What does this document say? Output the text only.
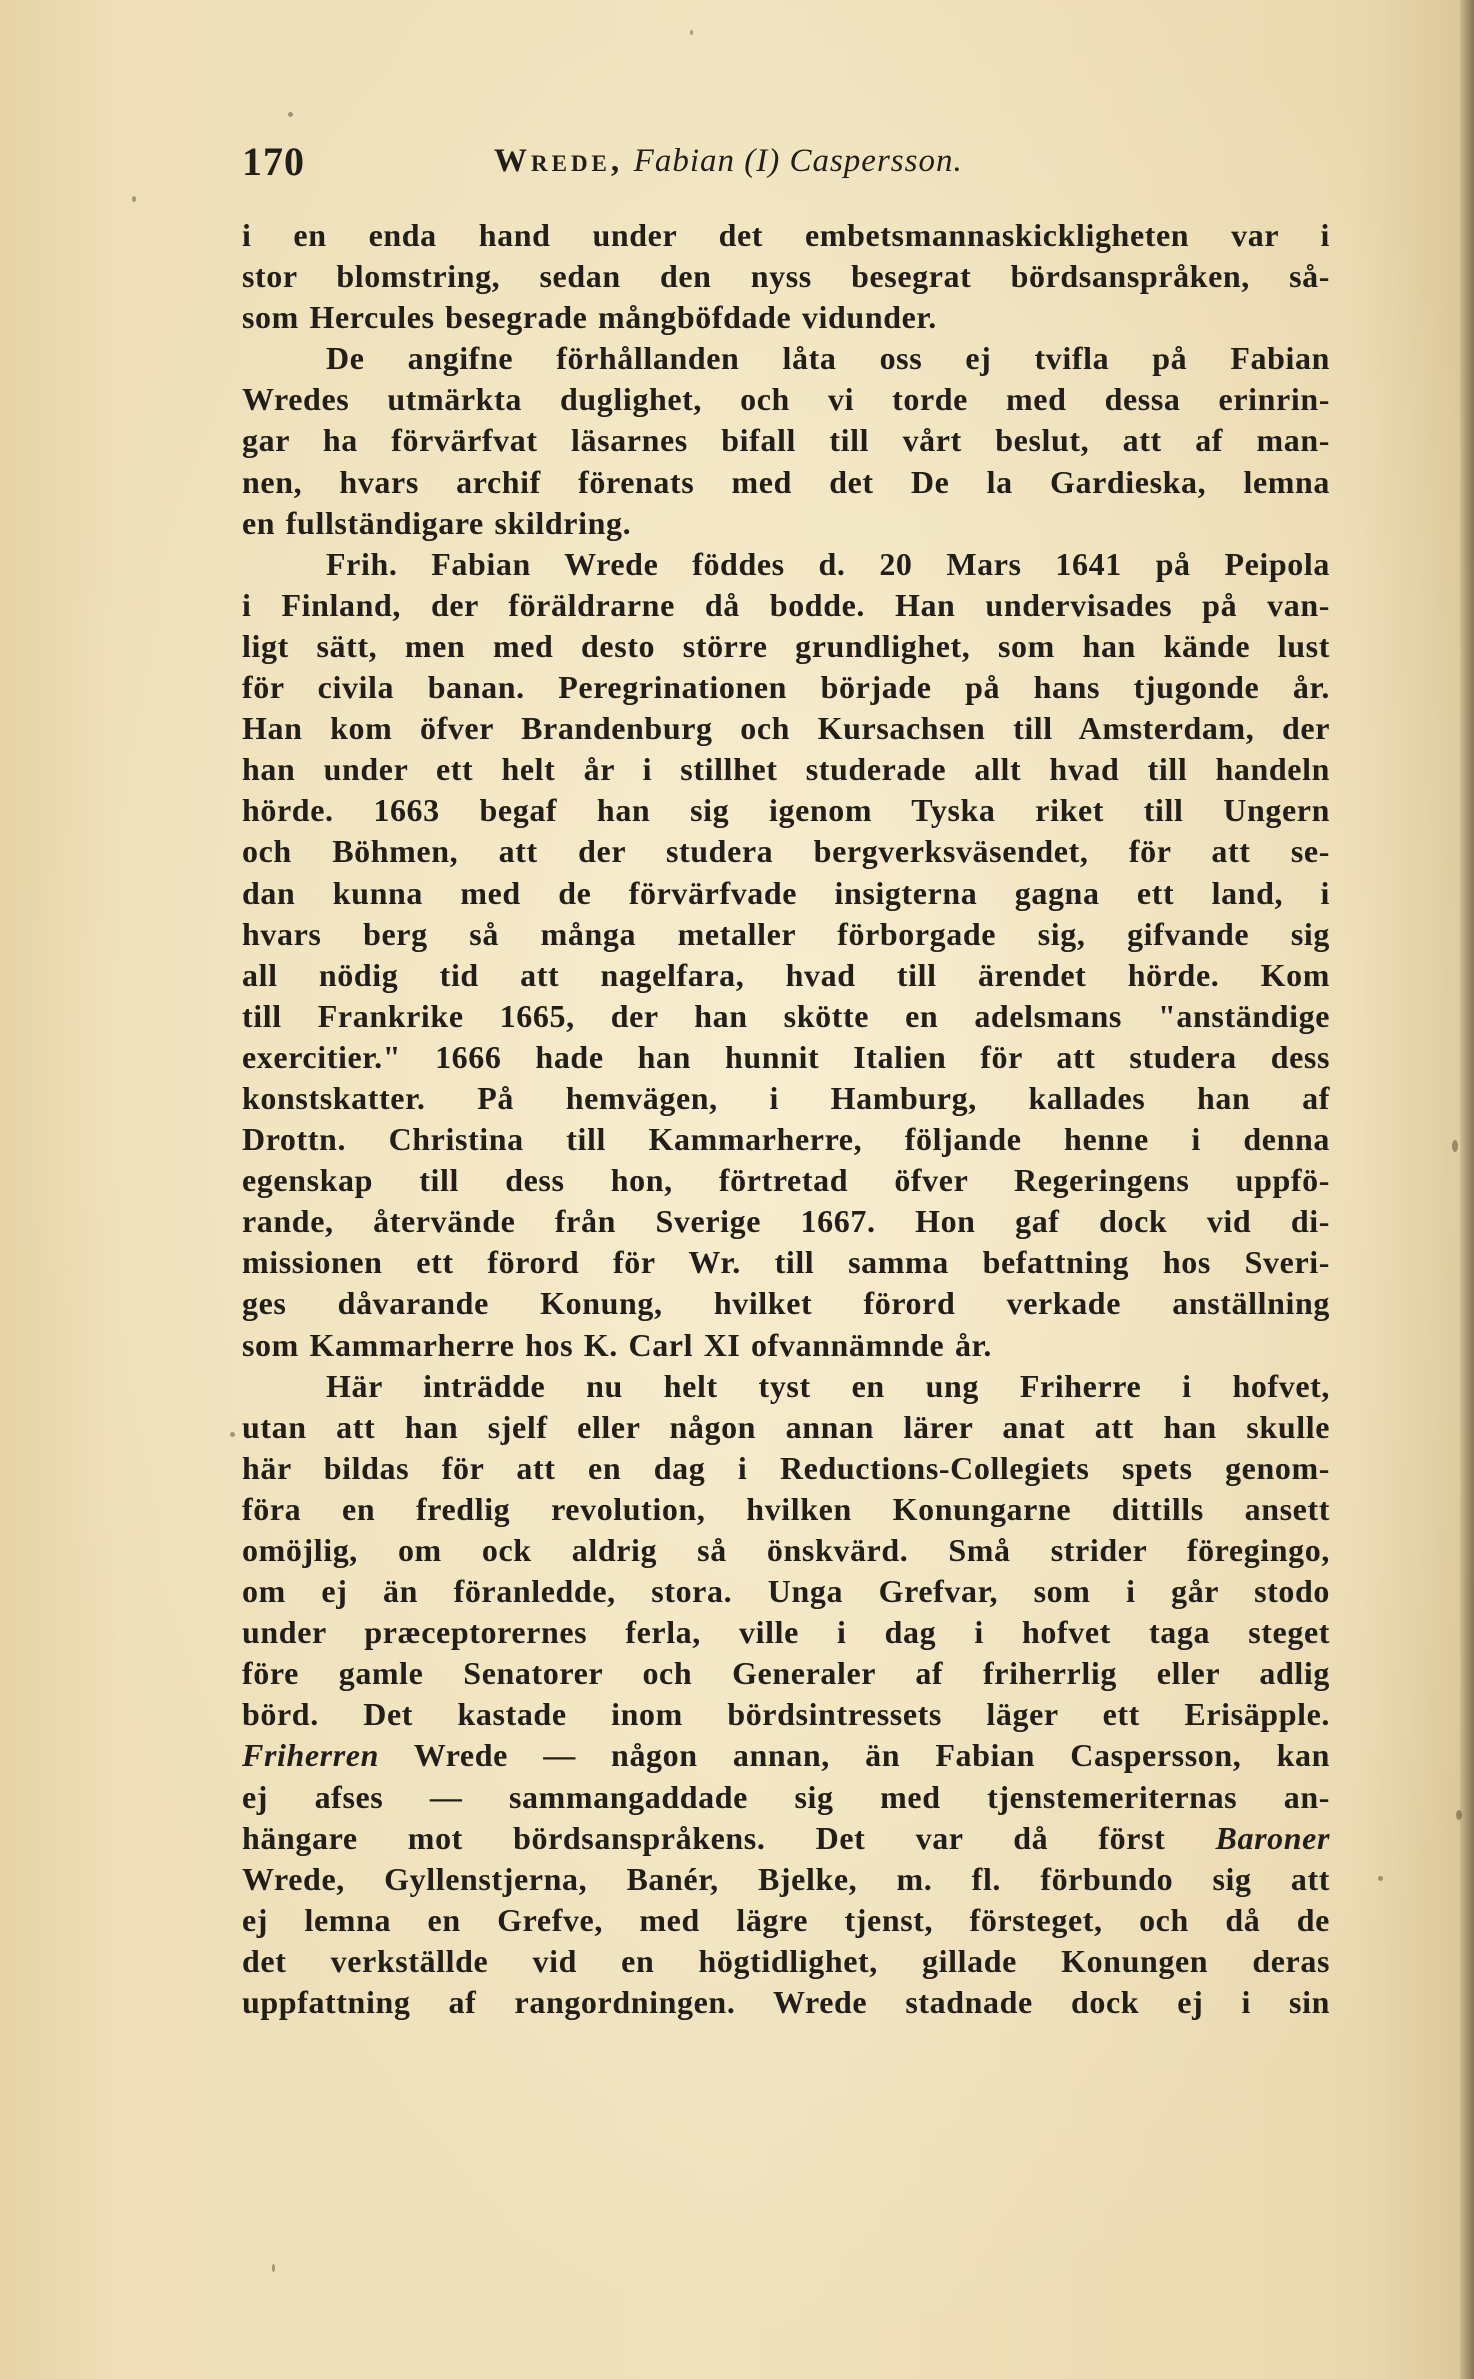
170	Wrede, Fabian (I) Caspersson.
i en enda hand under det embetsmannaskickligheten var i
stor blomstring, sedan den nyss besegrat bördsanspråken, så-
som Hercules besegrade mångböfdade vidunder.
De angifne förhållanden låta oss ej tvifla på Fabian
Wredes utmärkta duglighet, och vi torde med dessa erinrin-
gar ha förvärfvat läsarnes bifall till vårt beslut, att af man-
nen, hvars archif förenats med det De la Gardieska, lemna
en fullständigare skildring.
Frih. Fabian Wrede föddes d. 20 Mars 1641 på Peipola
i Finland, der föräldrarne då bodde. Han undervisades på van-
ligt sätt, men med desto större grundlighet, som han kände lust
för civila banan. Peregrinationen började på hans tjugonde år.
Han kom öfver Brandenburg och Kursachsen till Amsterdam, der
han under ett helt år i stillhet studerade allt hvad till handeln
hörde. 1663 begaf han sig igenom Tyska riket till Ungern
och Böhmen, att der studera bergverksväsendet, för att se-
dan kunna med de förvärfvade insigterna gagna ett land, i
hvars berg så många metaller förborgade sig, gifvande sig
all nödig tid att nagelfara, hvad till ärendet hörde. Kom
till Frankrike 1665, der han skötte en adelsmans "anständige
exercitier." 1666 hade han hunnit Italien för att studera dess
konstskatter. På hemvägen, i Hamburg, kallades han af
Drottn. Christina till Kammarherre, följande henne i denna
egenskap till dess hon, förtretad öfver Regeringens uppfö-
rande, återvände från Sverige 1667. Hon gaf dock vid di-
missionen ett förord för Wr. till samma befattning hos Sveri-
ges dåvarande Konung, hvilket förord verkade anställning
som Kammarherre hos K. Carl XI ofvannämnde år.
Här inträdde nu helt tyst en ung Friherre i hofvet,
utan att han sjelf eller någon annan lärer anat att han skulle
här bildas för att en dag i Reductions-Collegiets spets genom-
föra en fredlig revolution, hvilken Konungarne dittills ansett
omöjlig, om ock aldrig så önskvärd. Små strider föregingo,
om ej än föranledde, stora. Unga Grefvar, som i går stodo
under præceptorernes ferla, ville i dag i hofvet taga steget
före gamle Senatorer och Generaler af friherrlig eller adlig
börd. Det kastade inom bördsintressets läger ett Erisäpple.
Friherren Wrede — någon annan, än Fabian Caspersson, kan
ej afses — sammangaddade sig med tjenstemeriternas an-
hängare mot bördsanspråkens. Det var då först Baroner
Wrede, Gyllenstjerna, Banér, Bjelke, m. fl. förbundo sig att
ej lemna en Grefve, med lägre tjenst, försteget, och då de
det verkställde vid en högtidlighet, gillade Konungen deras
uppfattning af rangordningen. Wrede stadnade dock ej i sin
